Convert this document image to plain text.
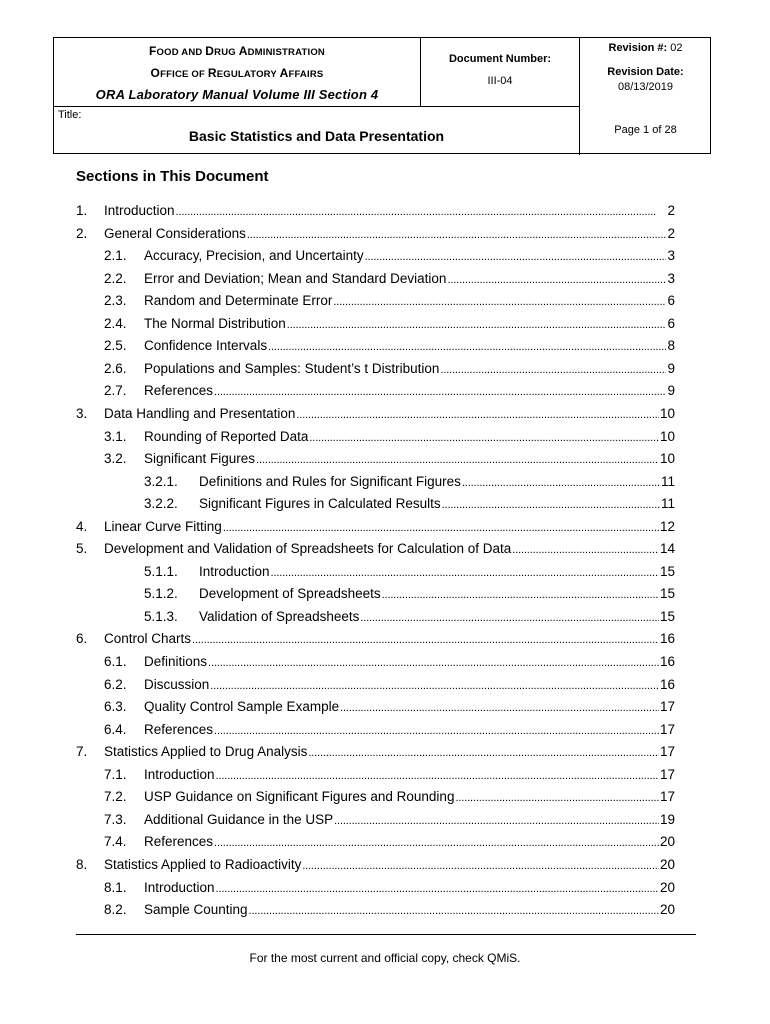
FOOD AND DRUG ADMINISTRATION
OFFICE OF REGULATORY AFFAIRS
ORA Laboratory Manual Volume III Section 4
Document Number:
III-04
Revision #: 02
Revision Date:
08/13/2019
Title:
Basic Statistics and Data Presentation	Page 1 of 28
Sections in This Document
1.	Introduction . . .	2
2.	General Considerations . . .	2
2.1.	Accuracy, Precision, and Uncertainty . . .	3
2.2.	Error and Deviation; Mean and Standard Deviation . . .	3
2.3.	Random and Determinate Error . . .	6
2.4.	The Normal Distribution . . .	6
2.5.	Confidence Intervals . . .	8
2.6.	Populations and Samples: Student’s t Distribution . . .	9
2.7.	References . . .	9
3.	Data Handling and Presentation . . .	10
3.1.	Rounding of Reported Data . . .	10
3.2.	Significant Figures . . .	10
3.2.1.	Definitions and Rules for Significant Figures . . .	11
3.2.2.	Significant Figures in Calculated Results . . .	11
4.	Linear Curve Fitting . . .	12
5.	Development and Validation of Spreadsheets for Calculation of Data . . .	14
5.1.1.	Introduction . . .	15
5.1.2.	Development of Spreadsheets . . .	15
5.1.3.	Validation of Spreadsheets . . .	15
6.	Control Charts . . .	16
6.1.	Definitions . . .	16
6.2.	Discussion . . .	16
6.3.	Quality Control Sample Example . . .	17
6.4.	References . . .	17
7.	Statistics Applied to Drug Analysis . . .	17
7.1.	Introduction . . .	17
7.2.	USP Guidance on Significant Figures and Rounding . . .	17
7.3.	Additional Guidance in the USP . . .	19
7.4.	References . . .	20
8.	Statistics Applied to Radioactivity . . .	20
8.1.	Introduction . . .	20
8.2.	Sample Counting . . .	20
For the most current and official copy, check QMiS.
